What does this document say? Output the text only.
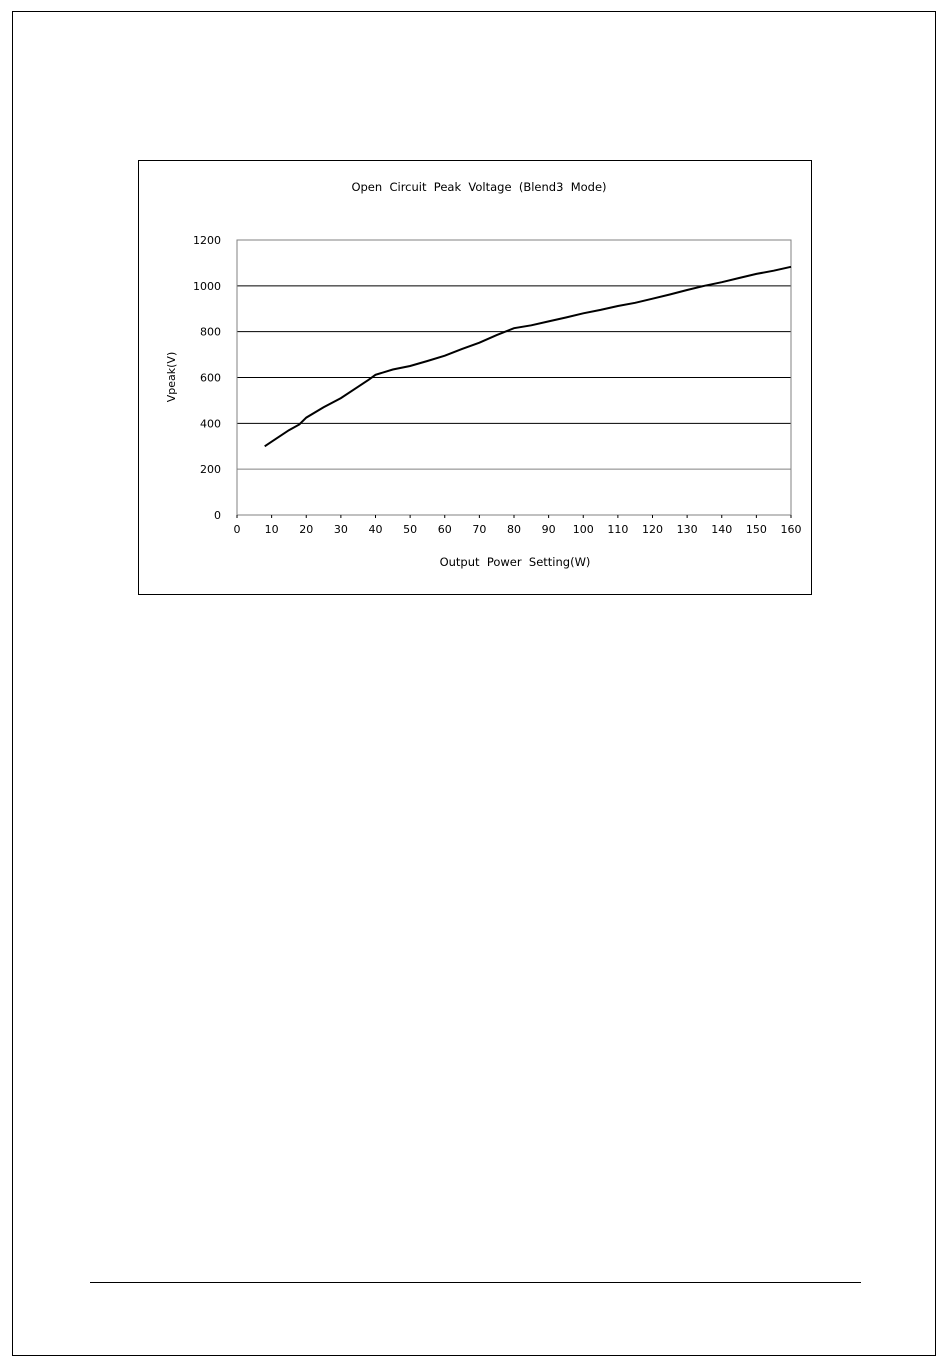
Open  Circuit  Peak  Voltage  (Blend3  Mode)
0
200
400
600
800
1000
1200
0 10 20 30 40 50 60 70 80 90 100 110 120 130 140 150 160
Vpeak(V)
Output  Power  Setting(W)
